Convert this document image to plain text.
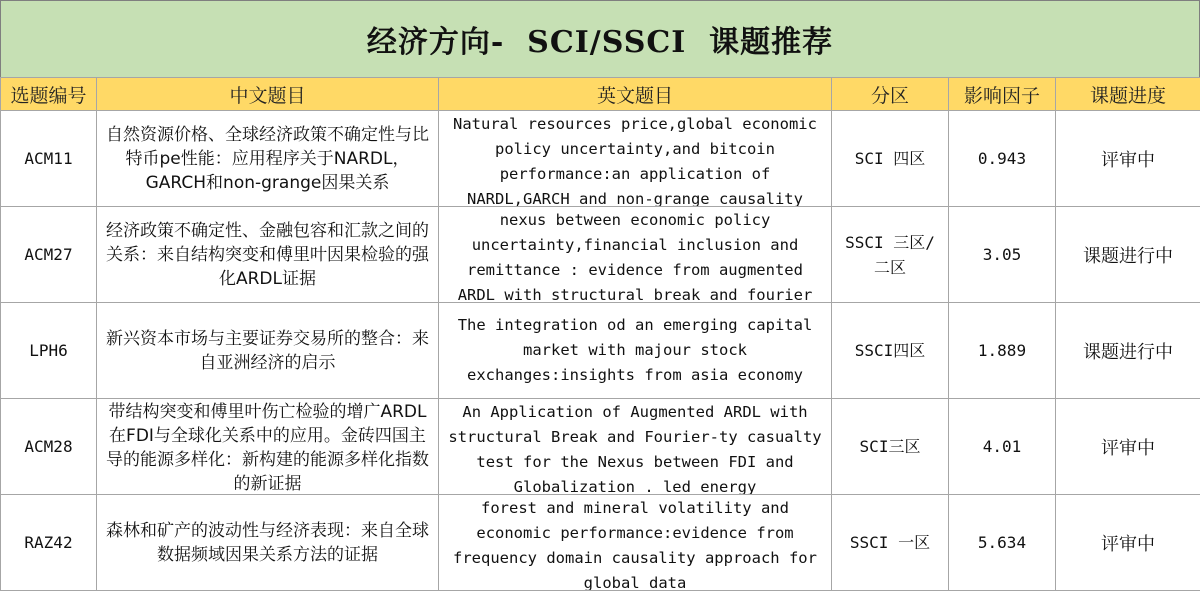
经济方向-  SCI/SSCI  课题推荐
选题编号	中文题目	英文题目	分区	影响因子	课题进度
ACM11	自然资源价格、全球经济政策不确定性与比特币pe性能：应用程序关于NARDL，GARCH和non-grange因果关系	Natural resources price,global economic policy uncertainty,and bitcoin performance:an application of NARDL,GARCH and non-grange causality	SCI 四区	0.943	评审中
ACM27	经济政策不确定性、金融包容和汇款之间的关系：来自结构突变和傅里叶因果检验的强化ARDL证据	nexus between economic policy uncertainty,financial inclusion and remittance : evidence from augmented ARDL with structural break and fourier	SSCI 三区/二区	3.05	课题进行中
LPH6	新兴资本市场与主要证券交易所的整合：来自亚洲经济的启示	The integration od an emerging capital market with majour stock exchanges:insights from asia economy	SSCI四区	1.889	课题进行中
ACM28	带结构突变和傅里叶伤亡检验的增广ARDL在FDI与全球化关系中的应用。金砖四国主导的能源多样化：新构建的能源多样化指数的新证据	An Application of Augmented ARDL with structural Break and Fourier-ty casualty test for the Nexus between FDI and Globalization . led energy	SCI三区	4.01	评审中
RAZ42	森林和矿产的波动性与经济表现：来自全球数据频域因果关系方法的证据	forest and mineral volatility and economic performance:evidence from frequency domain causality approach for global data	SSCI 一区	5.634	评审中
